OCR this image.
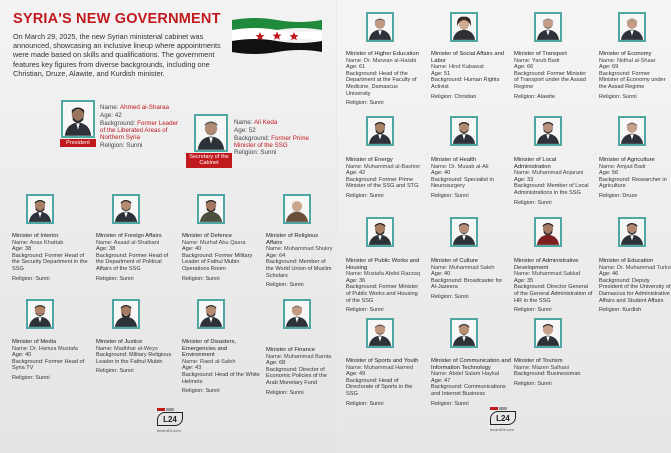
SYRIA'S NEW GOVERNMENT
On March 29, 2025, the new Syrian ministerial cabinet was announced, showcasing an inclusive lineup where appointments were made based on skills and qualifications. The government features key figures from diverse backgrounds, including one Christian, Druze, Alawite, and Kurdish minister.
President
Name: Ahmed al-Sharaa
Age: 42
Background: Former Leader of the Liberated Areas of Northern Syria
Religion: Sunni
Secretary of the Cabinet
Name: Ali Keda
Age: 52
Background: Former Prime Minister of the SSG
Religion: Sunni
Minister of Interior
Name: Anas Khattab
Age: 38
Background: Former Head of the Security Department in the SSG
Religion: Sunni
Minister of Foreign Affairs
Name: Asaad al-Shaibani
Age: 38
Background: Former Head of the Department of Political Affairs of the SSG
Religion: Sunni
Minister of Defence
Name: Murhaf Abu Qasra
Age: 40
Background: Former Military Leader of Fathul Mubin Operations Room
Religion: Sunni
Minister of Religious Affairs
Name: Muhammad Shukry
Age: 64
Background: Member of the World Union of Muslim Scholars
Religion: Sunni
Minister of Media
Name: Dr. Hamza Mustafa
Age: 40
Background: Former Head of Syria TV
Religion: Sunni
Minister of Justice
Name: Madhhar al-Weys
Background: Military Religious Leader in the Fathul Mubin
Religion: Sunni
Minister of Disasters, Emergencies and Environment
Name: Raed al-Saleh
Age: 43
Background: Head of the White Helmets
Religion: Sunni
Minister of Finance
Name: Muhammad Barnia
Age: 68
Background: Director of Economic Policies of the Arab Monetary Fund
Religion: Sunni
L24
levant24.com
Minister of Higher Education
Name: Dr. Marwan al-Halabi
Age: 61
Background: Head of the Department at the Faculty of Medicine, Damascus University
Religion: Sunni
Minister of Social Affairs and Labor
Name: Hind Kabawat
Age: 51
Background: Human Rights Activist
Religion: Christian
Minister of Transport
Name: Yarub Badr
Age: 66
Background: Former Minister of Transport under the Assad Regime
Religion: Alawite
Minister of Economy
Name: Nidhal al-Shaar
Age: 69
Background: Former Minister of Economy under the Assad Regime
Religion: Sunni
Minister of Energy
Name: Muhammad al-Bashier
Age: 42
Background: Former Prime Minister of the SSG and STG
Religion: Sunni
Minister of Health
Name: Dr. Musab al-Ali
Age: 40
Background: Specialist in Neurosurgery
Religion: Sunni
Minister of Local Administration
Name: Muhammad Anjarani
Age: 33
Background: Member of Local Administrations in the SSG
Religion: Sunni
Minister of Agriculture
Name: Amjad Badr
Age: 56
Background: Researcher in Agriculture
Religion: Druze
Minister of Public Works and Housing
Name: Mustafa Abdel Razzaq
Age: 36
Background: Former Minister of Public Works and Housing of the SSG
Religion: Sunni
Minister of Culture
Name: Muhammad Saleh
Age: 40
Background: Broadcaster for Al-Jazeera
Religion: Sunni
Minister of Administrative Development
Name: Muhammad Sakkaf
Age: 35
Background: Director General of the General Administration of HR in the SSG
Religion: Sunni
Minister of Education
Name: Dr. Muhammad Turko
Age: 46
Background: Deputy President of the University of Damascus for Administrative Affairs and Student Affairs
Religion: Kurdish
Minister of Sports and Youth
Name: Muhammad Hamed
Age: 49
Background: Head of Directorate of Sports in the SSG
Religion: Sunni
Minister of Communication and Information Technology
Name: Abdel Salam Haykal
Age: 47
Background: Communications and Internet Business
Religion: Sunni
Minister of Tourism
Name: Mazen Salhani
Background: Businessman
Religion: Sunni
L24
levant24.com
